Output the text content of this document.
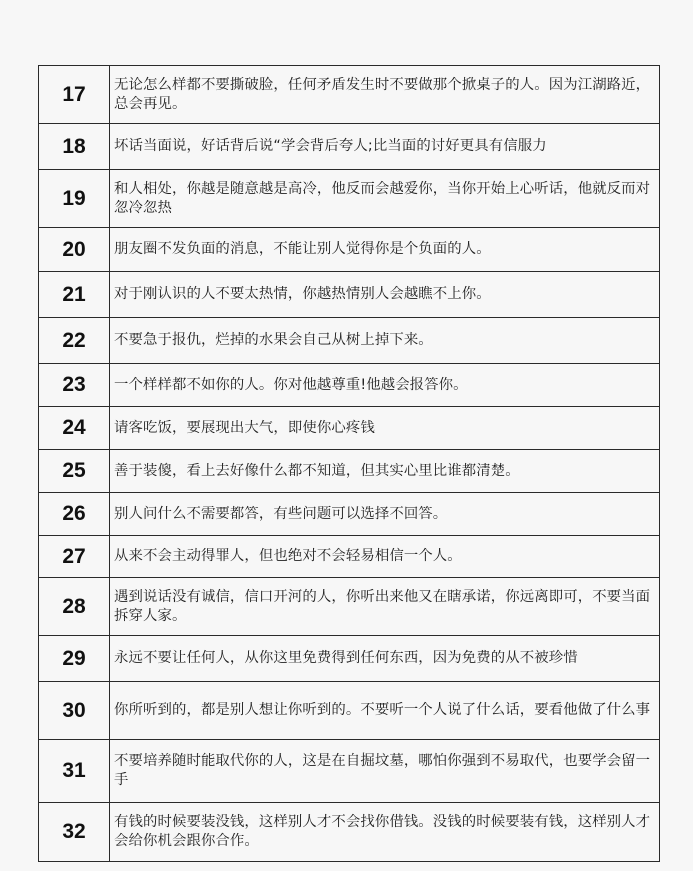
17	无论怎么样都不要撕破脸，任何矛盾发生时不要做那个掀桌子的人。因为江湖路近，总会再见。
18	坏话当面说，好话背后说“学会背后夸人;比当面的讨好更具有信服力
19	和人相处，你越是随意越是高冷，他反而会越爱你，当你开始上心听话，他就反而对忽冷忽热
20	朋友圈不发负面的消息，不能让别人觉得你是个负面的人。
21	对于刚认识的人不要太热情，你越热情别人会越瞧不上你。
22	不要急于报仇，烂掉的水果会自己从树上掉下来。
23	一个样样都不如你的人。你对他越尊重!他越会报答你。
24	请客吃饭，要展现出大气，即使你心疼钱
25	善于装傻，看上去好像什么都不知道，但其实心里比谁都清楚。
26	别人问什么不需要都答，有些问题可以选择不回答。
27	从来不会主动得罪人，但也绝对不会轻易相信一个人。
28	遇到说话没有诚信，信口开河的人，你听出来他又在瞎承诺，你远离即可，不要当面拆穿人家。
29	永远不要让任何人，从你这里免费得到任何东西，因为免费的从不被珍惜
30	你所听到的，都是别人想让你听到的。不要听一个人说了什么话，要看他做了什么事
31	不要培养随时能取代你的人，这是在自掘坟墓，哪怕你强到不易取代，也要学会留一手
32	有钱的时候要装没钱，这样别人才不会找你借钱。没钱的时候要装有钱，这样别人才会给你机会跟你合作。
